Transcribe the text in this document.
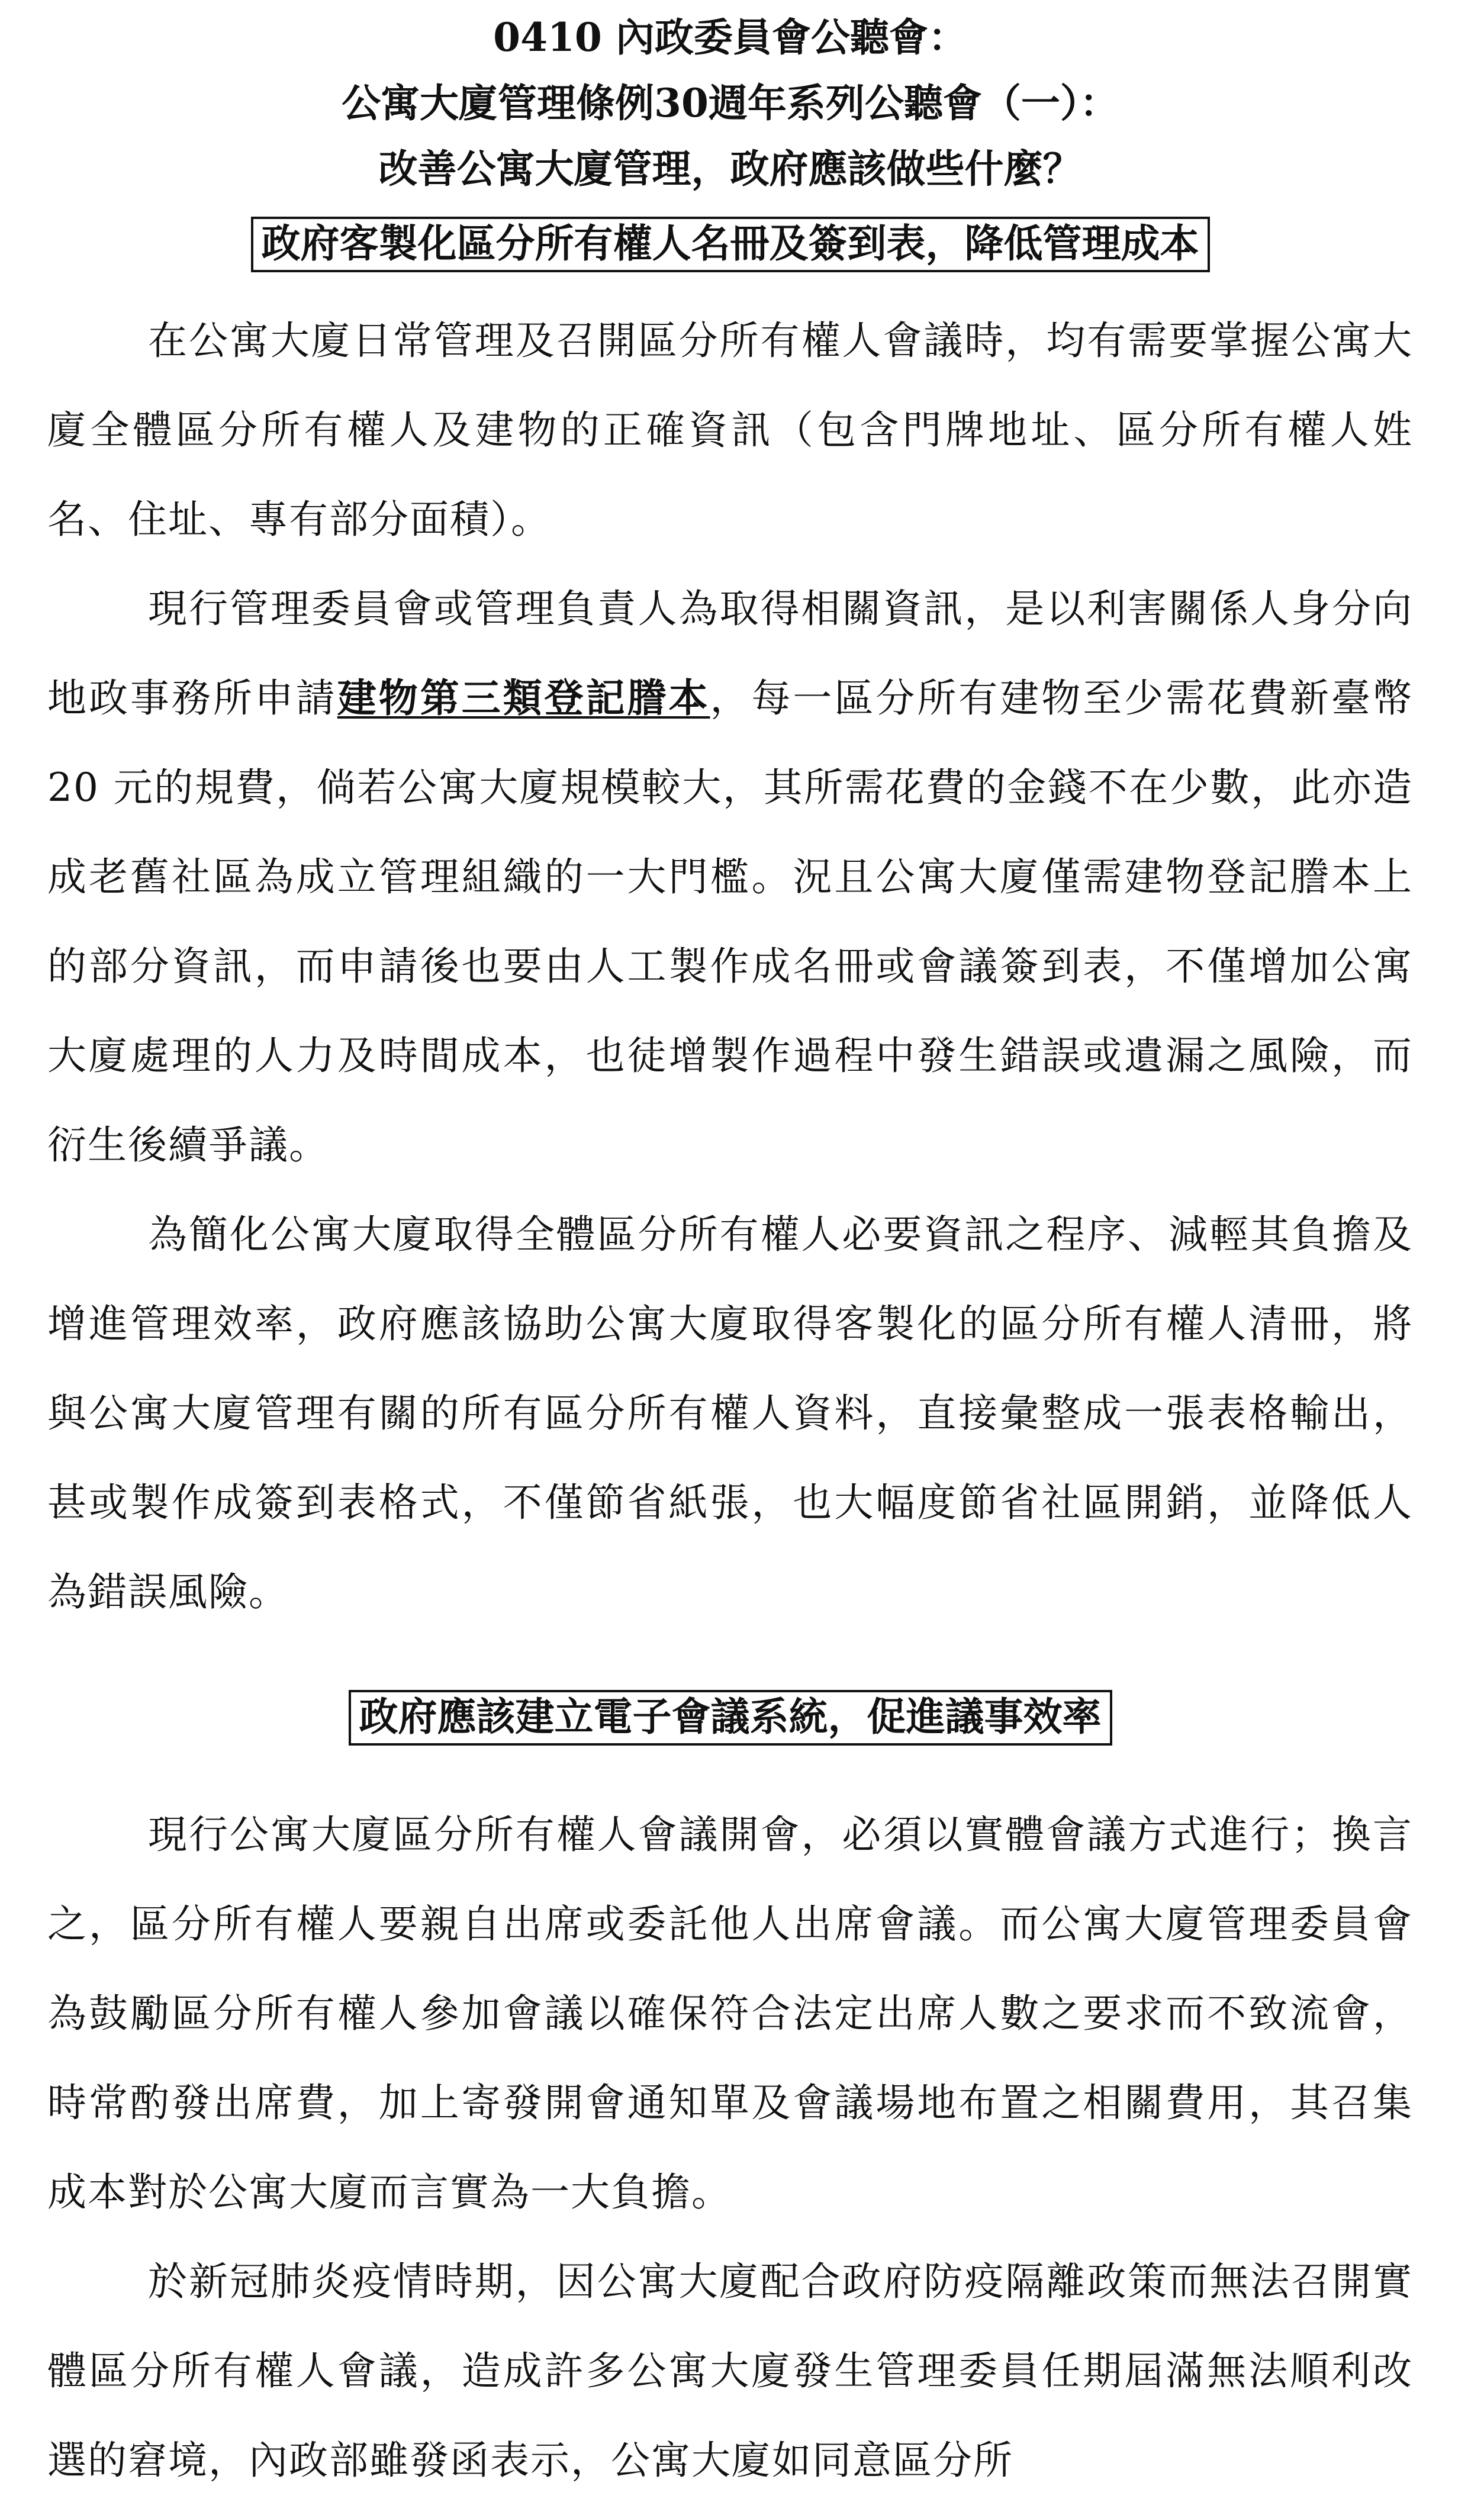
0410 內政委員會公聽會：
公寓大廈管理條例30週年系列公聽會（一）：
改善公寓大廈管理，政府應該做些什麼？
政府客製化區分所有權人名冊及簽到表，降低管理成本

在公寓大廈日常管理及召開區分所有權人會議時，均有需要掌握公寓大廈全體區分所有權人及建物的正確資訊（包含門牌地址、區分所有權人姓名、住址、專有部分面積）。

現行管理委員會或管理負責人為取得相關資訊，是以利害關係人身分向地政事務所申請建物第三類登記謄本，每一區分所有建物至少需花費新臺幣 20 元的規費，倘若公寓大廈規模較大，其所需花費的金錢不在少數，此亦造成老舊社區為成立管理組織的一大門檻。況且公寓大廈僅需建物登記謄本上的部分資訊，而申請後也要由人工製作成名冊或會議簽到表，不僅增加公寓大廈處理的人力及時間成本，也徒增製作過程中發生錯誤或遺漏之風險，而衍生後續爭議。

為簡化公寓大廈取得全體區分所有權人必要資訊之程序、減輕其負擔及增進管理效率，政府應該協助公寓大廈取得客製化的區分所有權人清冊，將與公寓大廈管理有關的所有區分所有權人資料，直接彙整成一張表格輸出，甚或製作成簽到表格式，不僅節省紙張，也大幅度節省社區開銷，並降低人為錯誤風險。

政府應該建立電子會議系統，促進議事效率

現行公寓大廈區分所有權人會議開會，必須以實體會議方式進行；換言之，區分所有權人要親自出席或委託他人出席會議。而公寓大廈管理委員會為鼓勵區分所有權人參加會議以確保符合法定出席人數之要求而不致流會，時常酌發出席費，加上寄發開會通知單及會議場地布置之相關費用，其召集成本對於公寓大廈而言實為一大負擔。

於新冠肺炎疫情時期，因公寓大廈配合政府防疫隔離政策而無法召開實體區分所有權人會議，造成許多公寓大廈發生管理委員任期屆滿無法順利改選的窘境，內政部雖發函表示，公寓大廈如同意區分所
